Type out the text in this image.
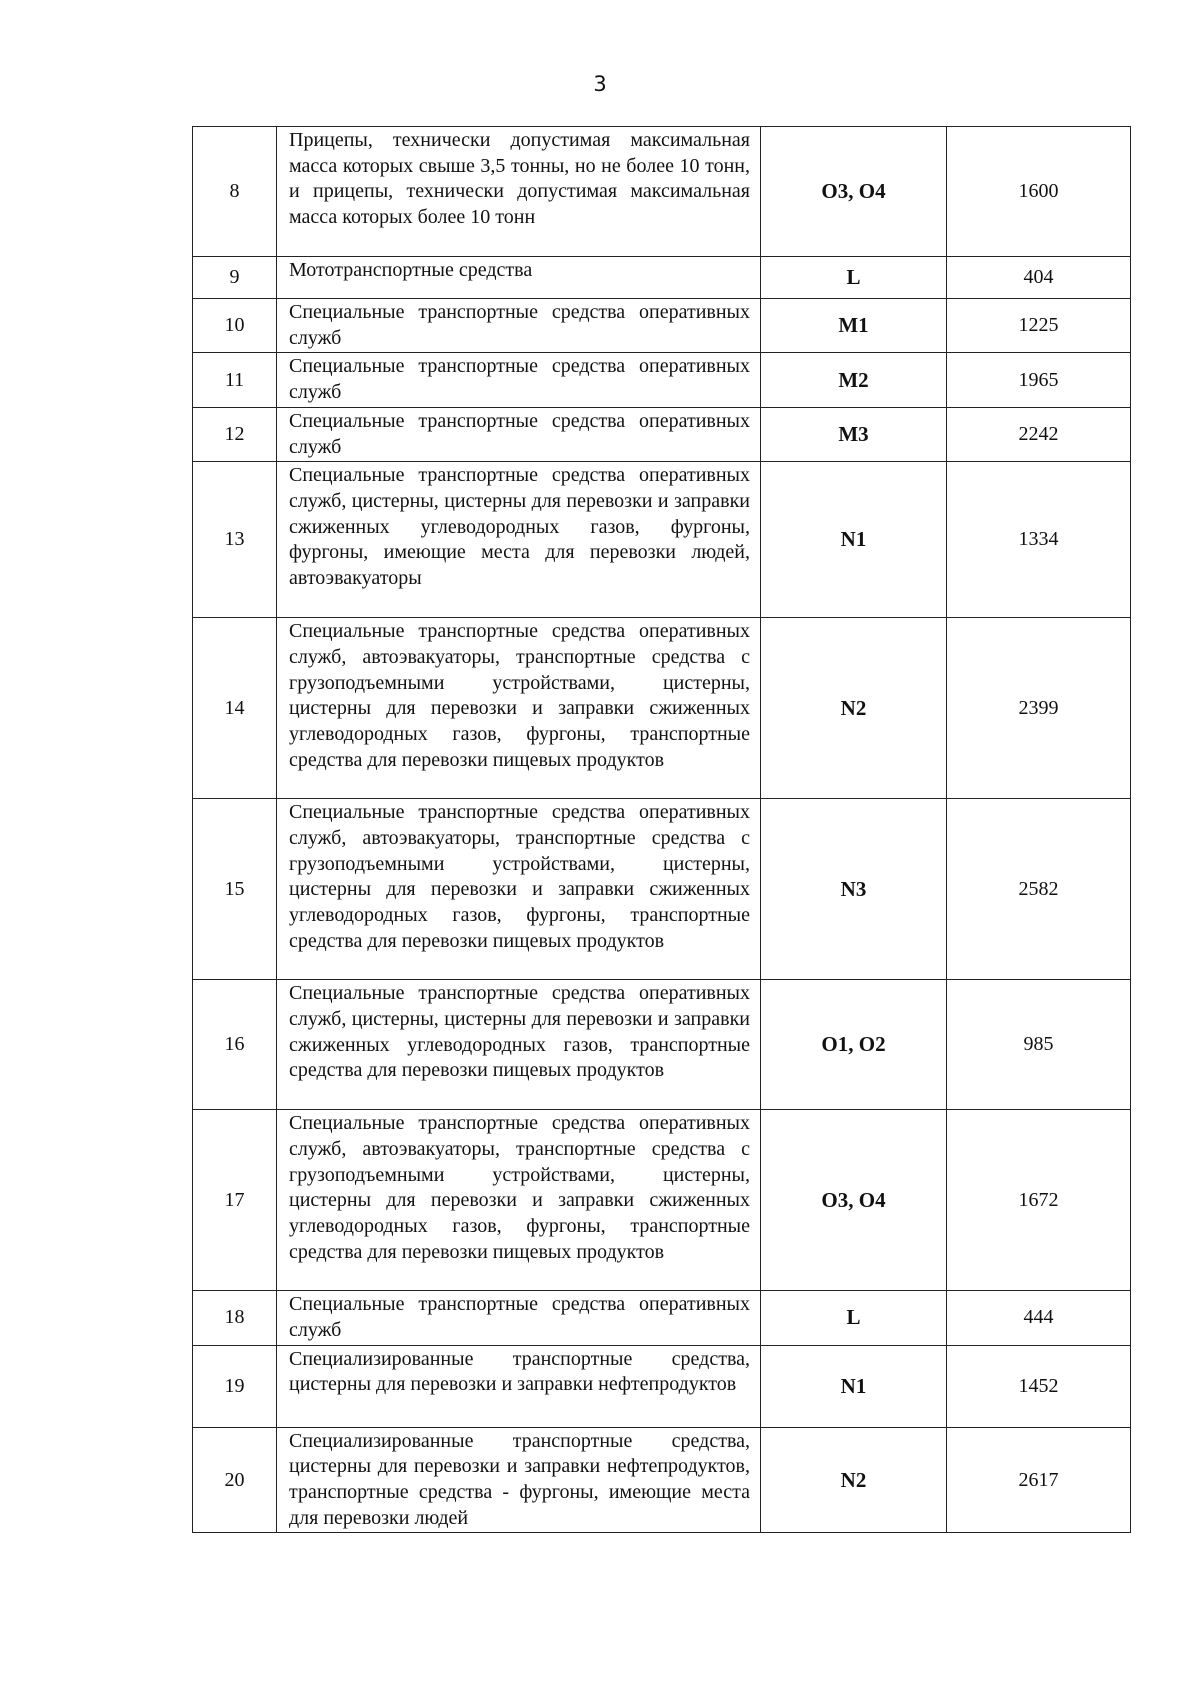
3
8	Прицепы, технически допустимая максимальная масса которых свыше 3,5 тонны, но не более 10 тонн, и прицепы, технически допустимая максимальная масса которых более 10 тонн	O3, O4	1600
9	Мототранспортные средства	L	404
10	Специальные транспортные средства оперативных служб	M1	1225
11	Специальные транспортные средства оперативных служб	M2	1965
12	Специальные транспортные средства оперативных служб	M3	2242
13	Специальные транспортные средства оперативных служб, цистерны, цистерны для перевозки и заправки сжиженных углеводородных газов, фургоны, фургоны, имеющие места для перевозки людей, автоэвакуаторы	N1	1334
14	Специальные транспортные средства оперативных служб, автоэвакуаторы, транспортные средства с грузоподъемными устройствами, цистерны, цистерны для перевозки и заправки сжиженных углеводородных газов, фургоны, транспортные средства для перевозки пищевых продуктов	N2	2399
15	Специальные транспортные средства оперативных служб, автоэвакуаторы, транспортные средства с грузоподъемными устройствами, цистерны, цистерны для перевозки и заправки сжиженных углеводородных газов, фургоны, транспортные средства для перевозки пищевых продуктов	N3	2582
16	Специальные транспортные средства оперативных служб, цистерны, цистерны для перевозки и заправки сжиженных углеводородных газов, транспортные средства для перевозки пищевых продуктов	O1, O2	985
17	Специальные транспортные средства оперативных служб, автоэвакуаторы, транспортные средства с грузоподъемными устройствами, цистерны, цистерны для перевозки и заправки сжиженных углеводородных газов, фургоны, транспортные средства для перевозки пищевых продуктов	O3, O4	1672
18	Специальные транспортные средства оперативных служб	L	444
19	Специализированные транспортные средства, цистерны для перевозки и заправки нефтепродуктов	N1	1452
20	Специализированные транспортные средства, цистерны для перевозки и заправки нефтепродуктов, транспортные средства - фургоны, имеющие места для перевозки людей	N2	2617
